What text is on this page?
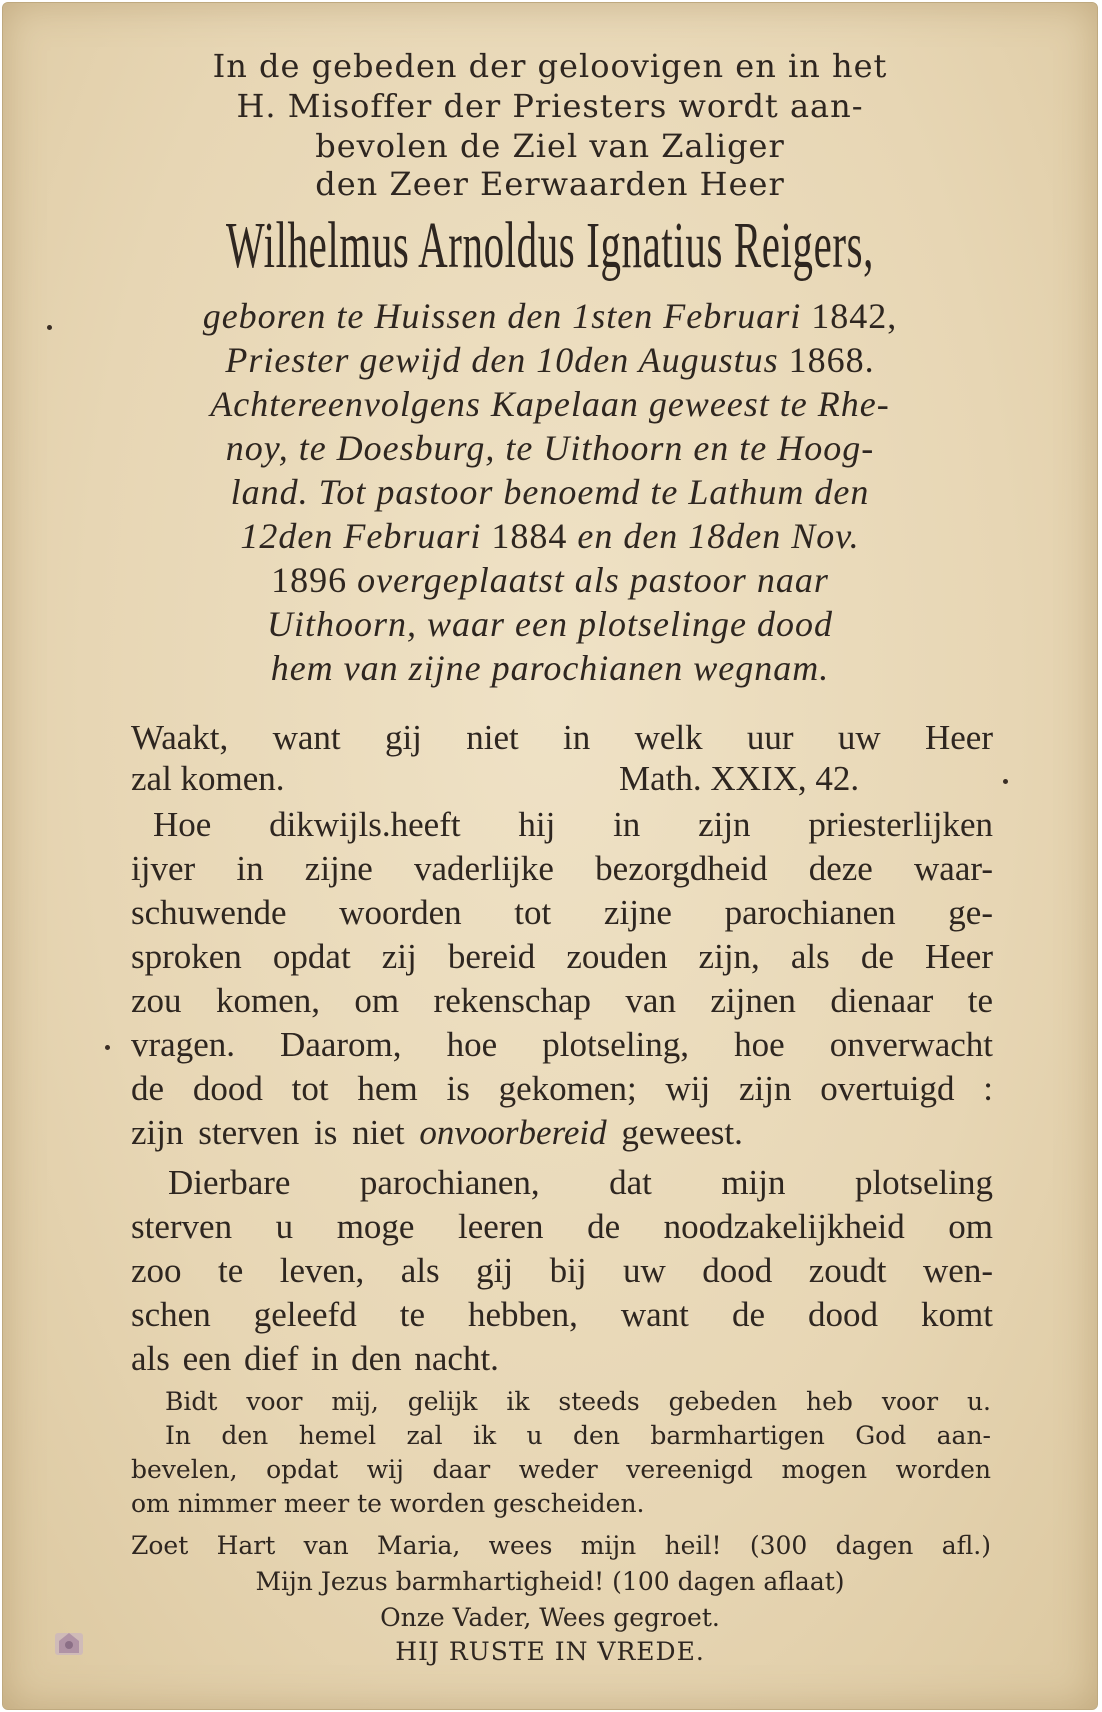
In de gebeden der geloovigen en in het
H. Misoffer der Priesters wordt aan-
bevolen de Ziel van Zaliger
den Zeer Eerwaarden Heer
Wilhelmus Arnoldus Ignatius Reigers,
geboren te Huissen den 1sten Februari 1842,
Priester gewijd den 10den Augustus 1868.
Achtereenvolgens Kapelaan geweest te Rhe-
noy, te Doesburg, te Uithoorn en te Hoog-
land. Tot pastoor benoemd te Lathum den
12den Februari 1884 en den 18den Nov.
1896 overgeplaatst als pastoor naar
Uithoorn, waar een plotselinge dood
hem van zijne parochianen wegnam.
Waakt, want gij niet in welk uur uw Heer
zal komen.	Math. XXIX, 42.
Hoe dikwijls.heeft hij in zijn priesterlijken
ijver in zijne vaderlijke bezorgdheid deze waar-
schuwende woorden tot zijne parochianen ge-
sproken opdat zij bereid zouden zijn, als de Heer
zou komen, om rekenschap van zijnen dienaar te
vragen. Daarom, hoe plotseling, hoe onverwacht
de dood tot hem is gekomen; wij zijn overtuigd :
zijn sterven is niet onvoorbereid geweest.
Dierbare parochianen, dat mijn plotseling
sterven u moge leeren de noodzakelijkheid om
zoo te leven, als gij bij uw dood zoudt wen-
schen geleefd te hebben, want de dood komt
als een dief in den nacht.
Bidt voor mij, gelijk ik steeds gebeden heb voor u.
In den hemel zal ik u den barmhartigen God aan-
bevelen, opdat wij daar weder vereenigd mogen worden
om nimmer meer te worden gescheiden.
Zoet Hart van Maria, wees mijn heil! (300 dagen afl.)
Mijn Jezus barmhartigheid! (100 dagen aflaat)
Onze Vader, Wees gegroet.
HIJ RUSTE IN VREDE.
